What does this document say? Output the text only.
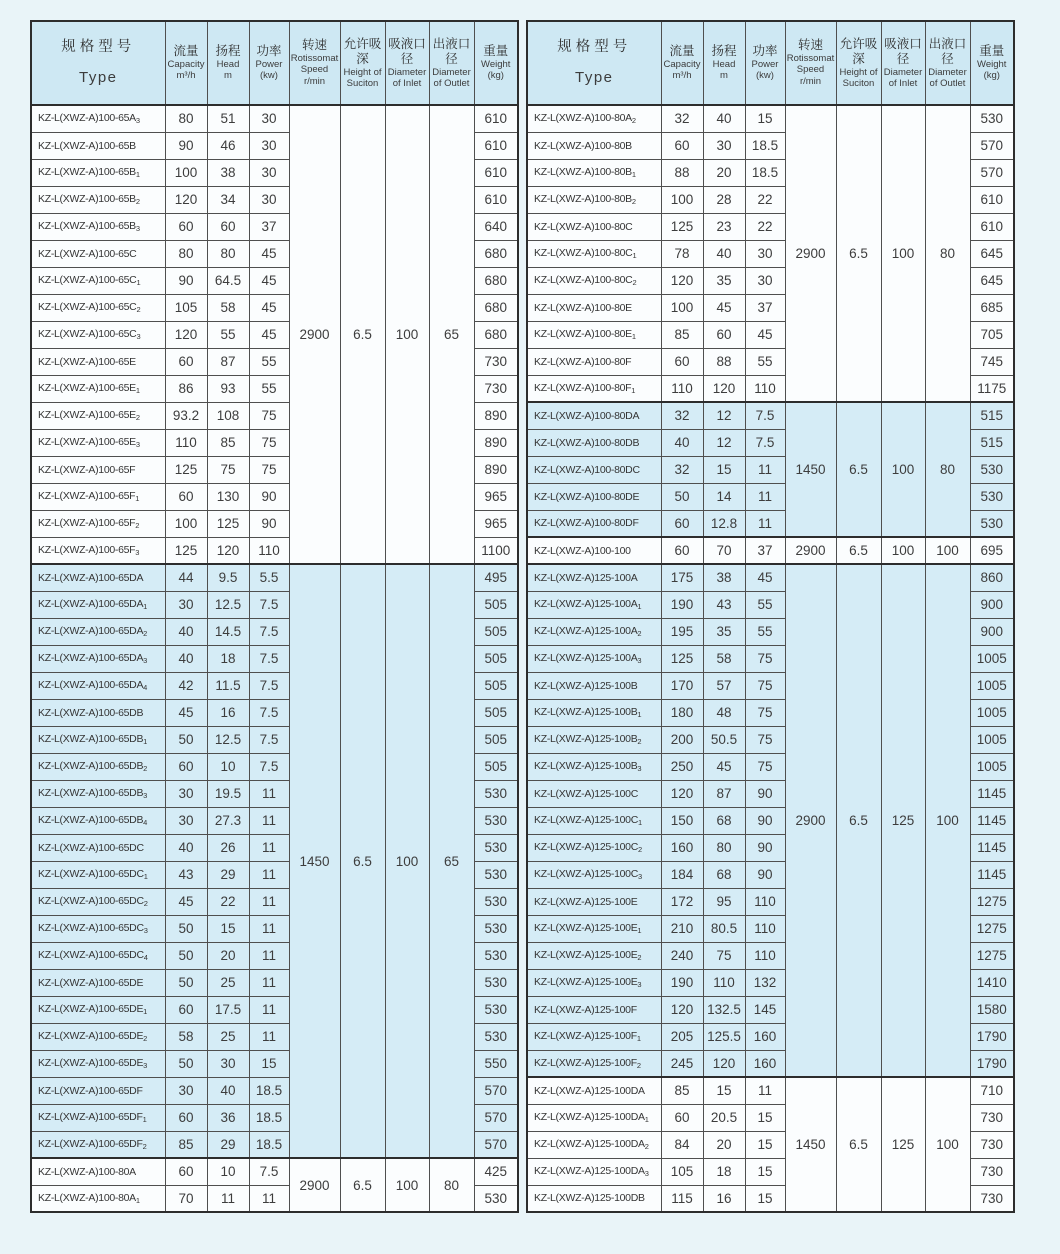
规格型号
Type

流量
Capacity
m³/h

扬程
Head
m

功率
Power
(kw)

转速
Rotissomat Speed
r/min

允许吸深
Height of Suciton

吸液口径
Diameter of Inlet

出液口径
Diameter of Outlet

重量
Weight
(kg)

$KZ-L(XWZ-A)100-65A_3$	80	51	30	2900	6.5	100	65	610
KZ-L(XWZ-A)100-65B	90	46	30					610
$KZ-L(XWZ-A)100-65B_1$	100	38	30					610
$KZ-L(XWZ-A)100-65B_2$	120	34	30					610
$KZ-L(XWZ-A)100-65B_3$	60	60	37					640
KZ-L(XWZ-A)100-65C	80	80	45					680
$KZ-L(XWZ-A)100-65C_1$	90	64.5	45					680
$KZ-L(XWZ-A)100-65C_2$	105	58	45					680
$KZ-L(XWZ-A)100-65C_3$	120	55	45					680
KZ-L(XWZ-A)100-65E	60	87	55					730
$KZ-L(XWZ-A)100-65E_1$	86	93	55					730
$KZ-L(XWZ-A)100-65E_2$	93.2	108	75					890
$KZ-L(XWZ-A)100-65E_3$	110	85	75					890
KZ-L(XWZ-A)100-65F	125	75	75					890
$KZ-L(XWZ-A)100-65F_1$	60	130	90					965
$KZ-L(XWZ-A)100-65F_2$	100	125	90					965
$KZ-L(XWZ-A)100-65F_3$	125	120	110					1100
KZ-L(XWZ-A)100-65DA	44	9.5	5.5	1450	6.5	100	65	495
$KZ-L(XWZ-A)100-65DA_1$	30	12.5	7.5					505
$KZ-L(XWZ-A)100-65DA_2$	40	14.5	7.5					505
$KZ-L(XWZ-A)100-65DA_3$	40	18	7.5					505
$KZ-L(XWZ-A)100-65DA_4$	42	11.5	7.5					505
KZ-L(XWZ-A)100-65DB	45	16	7.5					505
$KZ-L(XWZ-A)100-65DB_1$	50	12.5	7.5					505
$KZ-L(XWZ-A)100-65DB_2$	60	10	7.5					505
$KZ-L(XWZ-A)100-65DB_3$	30	19.5	11					530
$KZ-L(XWZ-A)100-65DB_4$	30	27.3	11					530
KZ-L(XWZ-A)100-65DC	40	26	11					530
$KZ-L(XWZ-A)100-65DC_1$	43	29	11					530
$KZ-L(XWZ-A)100-65DC_2$	45	22	11					530
$KZ-L(XWZ-A)100-65DC_3$	50	15	11					530
$KZ-L(XWZ-A)100-65DC_4$	50	20	11					530
KZ-L(XWZ-A)100-65DE	50	25	11					530
$KZ-L(XWZ-A)100-65DE_1$	60	17.5	11					530
$KZ-L(XWZ-A)100-65DE_2$	58	25	11					530
$KZ-L(XWZ-A)100-65DE_3$	50	30	15					550
KZ-L(XWZ-A)100-65DF	30	40	18.5					570
$KZ-L(XWZ-A)100-65DF_1$	60	36	18.5					570
$KZ-L(XWZ-A)100-65DF_2$	85	29	18.5					570
KZ-L(XWZ-A)100-80A	60	10	7.5	2900	6.5	100	80	425
$KZ-L(XWZ-A)100-80A_1$	70	11	11					530
规格型号
Type

流量
Capacity
m³/h

扬程
Head
m

功率
Power
(kw)

转速
Rotissomat Speed
r/min

允许吸深
Height of Suciton

吸液口径
Diameter of Inlet

出液口径
Diameter of Outlet

重量
Weight
(kg)

$KZ-L(XWZ-A)100-80A_2$	32	40	15	2900	6.5	100	80	530
KZ-L(XWZ-A)100-80B	60	30	18.5					570
$KZ-L(XWZ-A)100-80B_1$	88	20	18.5					570
$KZ-L(XWZ-A)100-80B_2$	100	28	22					610
KZ-L(XWZ-A)100-80C	125	23	22					610
$KZ-L(XWZ-A)100-80C_1$	78	40	30					645
$KZ-L(XWZ-A)100-80C_2$	120	35	30					645
KZ-L(XWZ-A)100-80E	100	45	37					685
$KZ-L(XWZ-A)100-80E_1$	85	60	45					705
KZ-L(XWZ-A)100-80F	60	88	55					745
$KZ-L(XWZ-A)100-80F_1$	110	120	110					1175
KZ-L(XWZ-A)100-80DA	32	12	7.5	1450	6.5	100	80	515
KZ-L(XWZ-A)100-80DB	40	12	7.5					515
KZ-L(XWZ-A)100-80DC	32	15	11					530
KZ-L(XWZ-A)100-80DE	50	14	11					530
KZ-L(XWZ-A)100-80DF	60	12.8	11					530
KZ-L(XWZ-A)100-100	60	70	37	2900	6.5	100	100	695
KZ-L(XWZ-A)125-100A	175	38	45	2900	6.5	125	100	860
$KZ-L(XWZ-A)125-100A_1$	190	43	55					900
$KZ-L(XWZ-A)125-100A_2$	195	35	55					900
$KZ-L(XWZ-A)125-100A_3$	125	58	75					1005
KZ-L(XWZ-A)125-100B	170	57	75					1005
$KZ-L(XWZ-A)125-100B_1$	180	48	75					1005
$KZ-L(XWZ-A)125-100B_2$	200	50.5	75					1005
$KZ-L(XWZ-A)125-100B_3$	250	45	75					1005
KZ-L(XWZ-A)125-100C	120	87	90					1145
$KZ-L(XWZ-A)125-100C_1$	150	68	90					1145
$KZ-L(XWZ-A)125-100C_2$	160	80	90					1145
$KZ-L(XWZ-A)125-100C_3$	184	68	90					1145
KZ-L(XWZ-A)125-100E	172	95	110					1275
$KZ-L(XWZ-A)125-100E_1$	210	80.5	110					1275
$KZ-L(XWZ-A)125-100E_2$	240	75	110					1275
$KZ-L(XWZ-A)125-100E_3$	190	110	132					1410
KZ-L(XWZ-A)125-100F	120	132.5	145					1580
$KZ-L(XWZ-A)125-100F_1$	205	125.5	160					1790
$KZ-L(XWZ-A)125-100F_2$	245	120	160					1790
KZ-L(XWZ-A)125-100DA	85	15	11	1450	6.5	125	100	710
$KZ-L(XWZ-A)125-100DA_1$	60	20.5	15					730
$KZ-L(XWZ-A)125-100DA_2$	84	20	15					730
$KZ-L(XWZ-A)125-100DA_3$	105	18	15					730
KZ-L(XWZ-A)125-100DB	115	16	15					730
